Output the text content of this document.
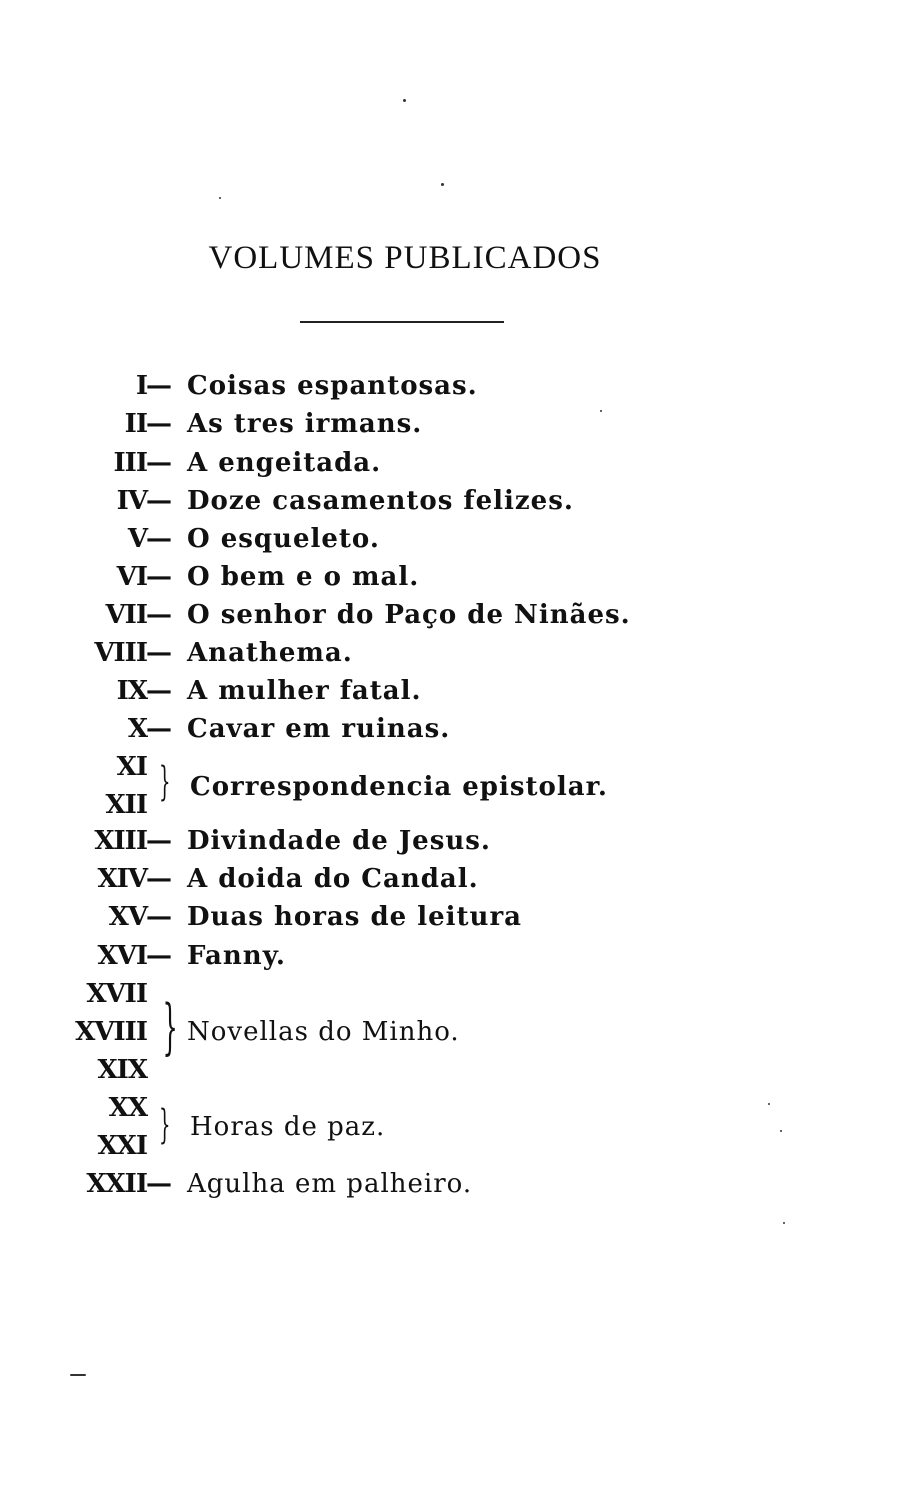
VOLUMES PUBLICADOS
I — Coisas espantosas.
II — As tres irmans.
III — A engeitada.
IV — Doze casamentos felizes.
V — O esqueleto.
VI — O bem e o mal.
VII — O senhor do Paço de Ninães.
VIII — Anathema.
IX — A mulher fatal.
X — Cavar em ruinas.
XI
XII } Correspondencia epistolar.
XIII — Divindade de Jesus.
XIV — A doida do Candal.
XV — Duas horas de leitura
XVI — Fanny.
XVII
XVIII
XIX
} Novellas do Minho.
XX
XXI } Horas de paz.
XXII — Agulha em palheiro.
